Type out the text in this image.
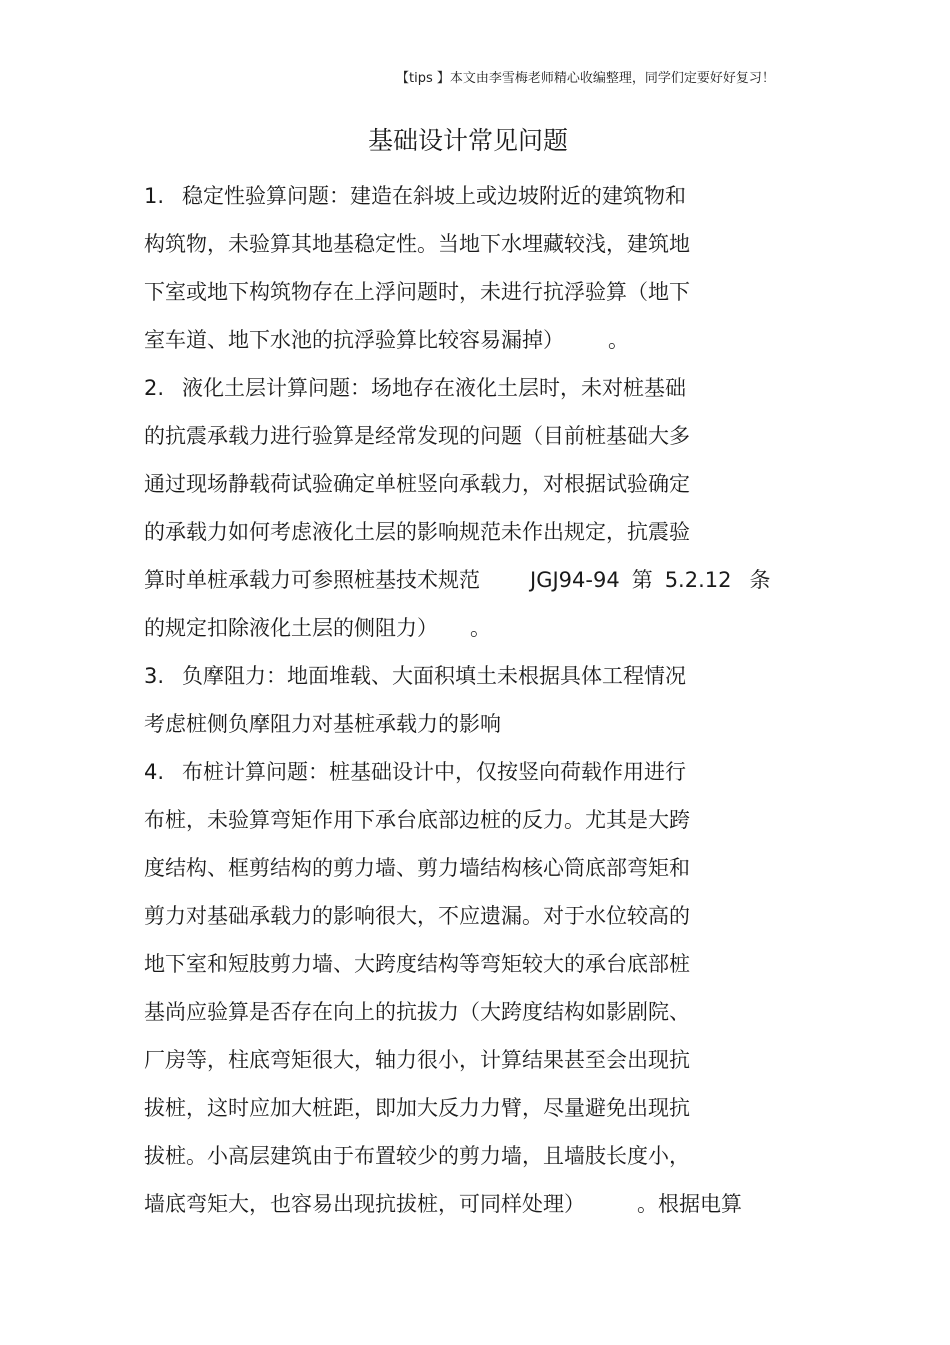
【tips 】本文由李雪梅老师精心收编整理，同学们定要好好复习！
基础设计常见问题
1. 稳定性验算问题：建造在斜坡上或边坡附近的建筑物和
构筑物，未验算其地基稳定性。当地下水埋藏较浅，建筑地
下室或地下构筑物存在上浮问题时，未进行抗浮验算（地下
室车道、地下水池的抗浮验算比较容易漏掉） 。
2. 液化土层计算问题：场地存在液化土层时，未对桩基础
的抗震承载力进行验算是经常发现的问题（目前桩基础大多
通过现场静载荷试验确定单桩竖向承载力，对根据试验确定
的承载力如何考虑液化土层的影响规范未作出规定，抗震验
算时单桩承载力可参照桩基技术规范 JGJ94-94 第 5.2.12 条
的规定扣除液化土层的侧阻力） 。
3. 负摩阻力：地面堆载、大面积填土未根据具体工程情况
考虑桩侧负摩阻力对基桩承载力的影响
4. 布桩计算问题：桩基础设计中，仅按竖向荷载作用进行
布桩，未验算弯矩作用下承台底部边桩的反力。尤其是大跨
度结构、框剪结构的剪力墙、剪力墙结构核心筒底部弯矩和
剪力对基础承载力的影响很大，不应遗漏。对于水位较高的
地下室和短肢剪力墙、大跨度结构等弯矩较大的承台底部桩
基尚应验算是否存在向上的抗拔力（大跨度结构如影剧院、
厂房等，柱底弯矩很大，轴力很小，计算结果甚至会出现抗
拔桩，这时应加大桩距，即加大反力力臂，尽量避免出现抗
拔桩。小高层建筑由于布置较少的剪力墙，且墙肢长度小，
墙底弯矩大，也容易出现抗拔桩，可同样处理） 。根据电算
